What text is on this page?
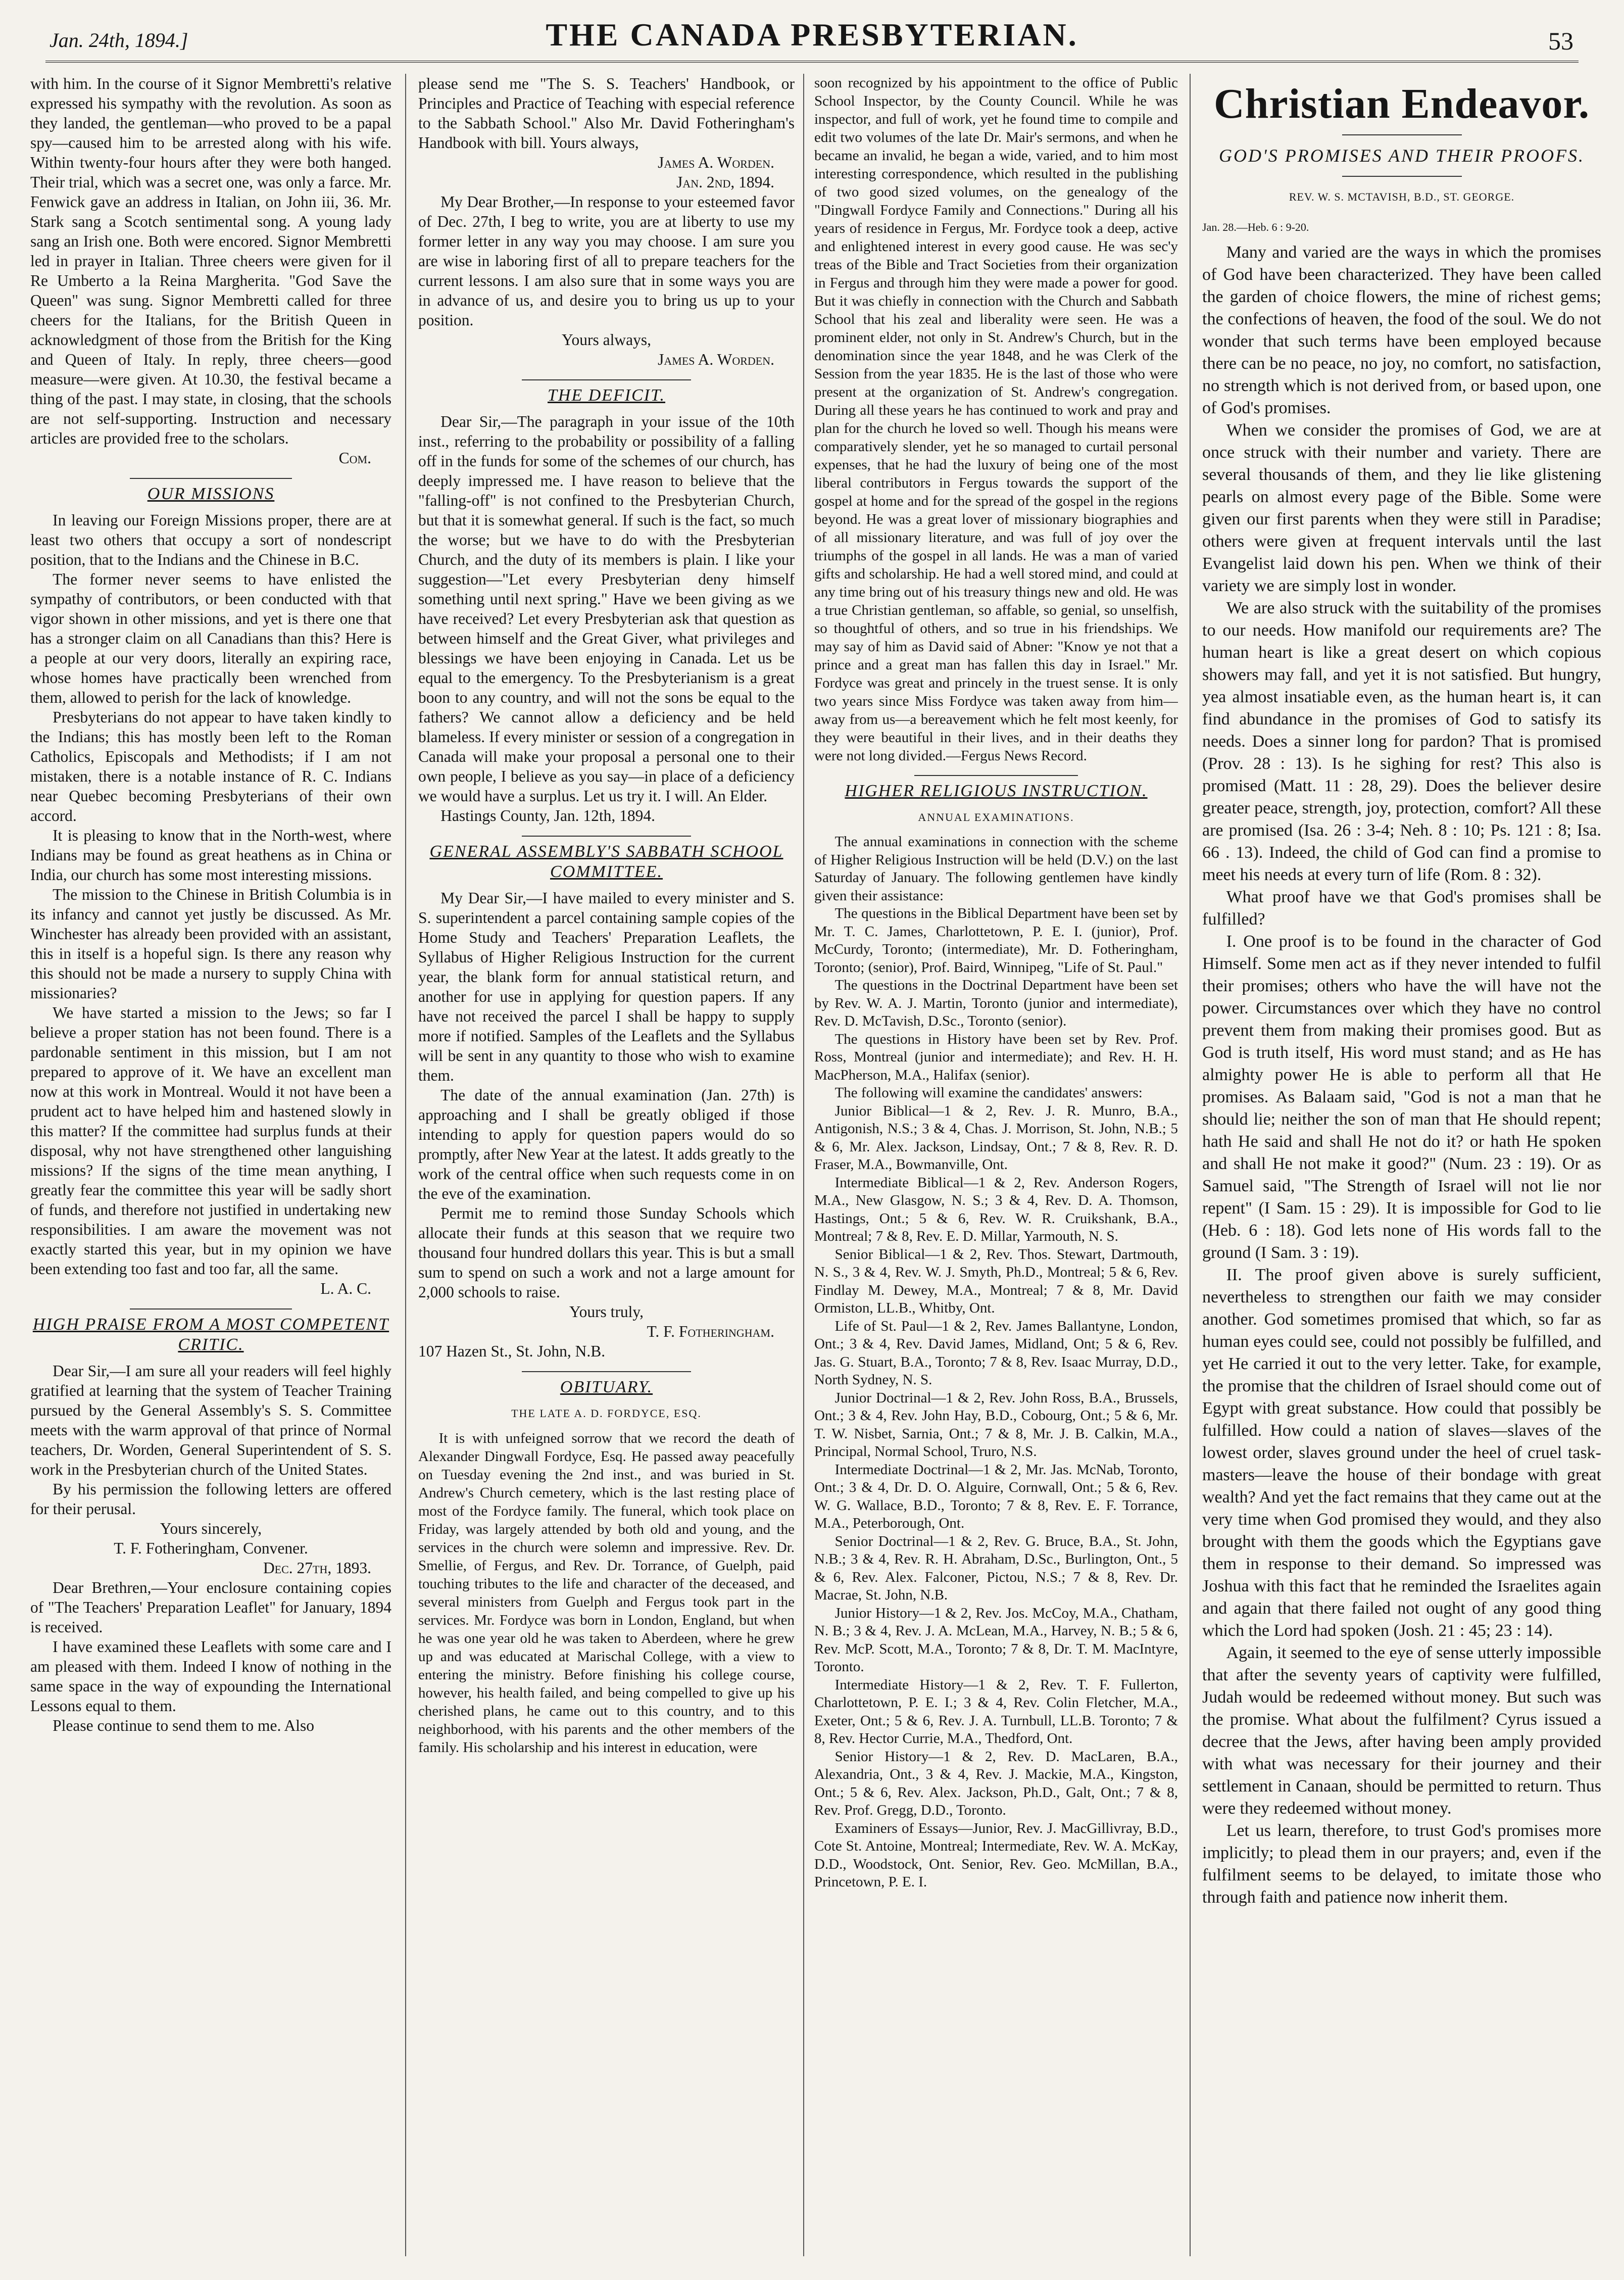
Jan. 24th, 1894.]	THE CANADA PRESBYTERIAN.	53

with him. In the course of it Signor Membretti's relative expressed his sympathy with the revolution. As soon as they landed, the gentleman—who proved to be a papal spy—caused him to be arrested along with his wife. Within twenty-four hours after they were both hanged. Their trial, which was a secret one, was only a farce. Mr. Fenwick gave an address in Italian, on John iii, 36. Mr. Stark sang a Scotch sentimental song. A young lady sang an Irish one. Both were encored. Signor Membretti led in prayer in Italian. Three cheers were given for il Re Umberto a la Reina Margherita. "God Save the Queen" was sung. Signor Membretti called for three cheers for the Italians, for the British Queen in acknowledgment of those from the British for the King and Queen of Italy. In reply, three cheers—good measure—were given. At 10.30, the festival became a thing of the past. I may state, in closing, that the schools are not self-supporting. Instruction and necessary articles are provided free to the scholars.

Com.

OUR MISSIONS

In leaving our Foreign Missions proper, there are at least two others that occupy a sort of nondescript position, that to the Indians and the Chinese in B.C.

The former never seems to have enlisted the sympathy of contributors, or been conducted with that vigor shown in other missions, and yet is there one that has a stronger claim on all Canadians than this? Here is a people at our very doors, literally an expiring race, whose homes have practically been wrenched from them, allowed to perish for the lack of knowledge.

Presbyterians do not appear to have taken kindly to the Indians; this has mostly been left to the Roman Catholics, Episcopals and Methodists; if I am not mistaken, there is a notable instance of R. C. Indians near Quebec becoming Presbyterians of their own accord.

It is pleasing to know that in the North-west, where Indians may be found as great heathens as in China or India, our church has some most interesting missions.

The mission to the Chinese in British Columbia is in its infancy and cannot yet justly be discussed. As Mr. Winchester has already been provided with an assistant, this in itself is a hopeful sign. Is there any reason why this should not be made a nursery to supply China with missionaries?

We have started a mission to the Jews; so far I believe a proper station has not been found. There is a pardonable sentiment in this mission, but I am not prepared to approve of it. We have an excellent man now at this work in Montreal. Would it not have been a prudent act to have helped him and hastened slowly in this matter? If the committee had surplus funds at their disposal, why not have strengthened other languishing missions? If the signs of the time mean anything, I greatly fear the committee this year will be sadly short of funds, and therefore not justified in undertaking new responsibilities. I am aware the movement was not exactly started this year, but in my opinion we have been extending too fast and too far, all the same.

L. A. C.

HIGH PRAISE FROM A MOST COMPETENT CRITIC.

Dear Sir,—I am sure all your readers will feel highly gratified at learning that the system of Teacher Training pursued by the General Assembly's S. S. Committee meets with the warm approval of that prince of Normal teachers, Dr. Worden, General Superintendent of S. S. work in the Presbyterian church of the United States.

By his permission the following letters are offered for their perusal.

Yours sincerely,

T. F. Fotheringham, Convener.

Dec. 27th, 1893.

Dear Brethren,—Your enclosure containing copies of "The Teachers' Preparation Leaflet" for January, 1894 is received.

I have examined these Leaflets with some care and I am pleased with them. Indeed I know of nothing in the same space in the way of expounding the International Lessons equal to them.

Please continue to send them to me. Also

please send me "The S. S. Teachers' Handbook, or Principles and Practice of Teaching with especial reference to the Sabbath School." Also Mr. David Fotheringham's Handbook with bill. Yours always,

James A. Worden.

Jan. 2nd, 1894.

My Dear Brother,—In response to your esteemed favor of Dec. 27th, I beg to write, you are at liberty to use my former letter in any way you may choose. I am sure you are wise in laboring first of all to prepare teachers for the current lessons. I am also sure that in some ways you are in advance of us, and desire you to bring us up to your position.

Yours always,

James A. Worden.

THE DEFICIT.

Dear Sir,—The paragraph in your issue of the 10th inst., referring to the probability or possibility of a falling off in the funds for some of the schemes of our church, has deeply impressed me. I have reason to believe that the "falling-off" is not confined to the Presbyterian Church, but that it is somewhat general. If such is the fact, so much the worse; but we have to do with the Presbyterian Church, and the duty of its members is plain. I like your suggestion—"Let every Presbyterian deny himself something until next spring." Have we been giving as we have received? Let every Presbyterian ask that question as between himself and the Great Giver, what privileges and blessings we have been enjoying in Canada. Let us be equal to the emergency. To the Presbyterianism is a great boon to any country, and will not the sons be equal to the fathers? We cannot allow a deficiency and be held blameless. If every minister or session of a congregation in Canada will make your proposal a personal one to their own people, I believe as you say—in place of a deficiency we would have a surplus. Let us try it. I will. An Elder.

Hastings County, Jan. 12th, 1894.

GENERAL ASSEMBLY'S SABBATH SCHOOL COMMITTEE.

My Dear Sir,—I have mailed to every minister and S. S. superintendent a parcel containing sample copies of the Home Study and Teachers' Preparation Leaflets, the Syllabus of Higher Religious Instruction for the current year, the blank form for annual statistical return, and another for use in applying for question papers. If any have not received the parcel I shall be happy to supply more if notified. Samples of the Leaflets and the Syllabus will be sent in any quantity to those who wish to examine them.

The date of the annual examination (Jan. 27th) is approaching and I shall be greatly obliged if those intending to apply for question papers would do so promptly, after New Year at the latest. It adds greatly to the work of the central office when such requests come in on the eve of the examination.

Permit me to remind those Sunday Schools which allocate their funds at this season that we require two thousand four hundred dollars this year. This is but a small sum to spend on such a work and not a large amount for 2,000 schools to raise.

Yours truly,

T. F. Fotheringham.

107 Hazen St., St. John, N.B.

OBITUARY.

THE LATE A. D. FORDYCE, ESQ.

It is with unfeigned sorrow that we record the death of Alexander Dingwall Fordyce, Esq. He passed away peacefully on Tuesday evening the 2nd inst., and was buried in St. Andrew's Church cemetery, which is the last resting place of most of the Fordyce family. The funeral, which took place on Friday, was largely attended by both old and young, and the services in the church were solemn and impressive. Rev. Dr. Smellie, of Fergus, and Rev. Dr. Torrance, of Guelph, paid touching tributes to the life and character of the deceased, and several ministers from Guelph and Fergus took part in the services. Mr. Fordyce was born in London, England, but when he was one year old he was taken to Aberdeen, where he grew up and was educated at Marischal College, with a view to entering the ministry. Before finishing his college course, however, his health failed, and being compelled to give up his cherished plans, he came out to this country, and to this neighborhood, with his parents and the other members of the family. His scholarship and his interest in education, were

soon recognized by his appointment to the office of Public School Inspector, by the County Council. While he was inspector, and full of work, yet he found time to compile and edit two volumes of the late Dr. Mair's sermons, and when he became an invalid, he began a wide, varied, and to him most interesting correspondence, which resulted in the publishing of two good sized volumes, on the genealogy of the "Dingwall Fordyce Family and Connections." During all his years of residence in Fergus, Mr. Fordyce took a deep, active and enlightened interest in every good cause. He was sec'y treas of the Bible and Tract Societies from their organization in Fergus and through him they were made a power for good. But it was chiefly in connection with the Church and Sabbath School that his zeal and liberality were seen. He was a prominent elder, not only in St. Andrew's Church, but in the denomination since the year 1848, and he was Clerk of the Session from the year 1835. He is the last of those who were present at the organization of St. Andrew's congregation. During all these years he has continued to work and pray and plan for the church he loved so well. Though his means were comparatively slender, yet he so managed to curtail personal expenses, that he had the luxury of being one of the most liberal contributors in Fergus towards the support of the gospel at home and for the spread of the gospel in the regions beyond. He was a great lover of missionary biographies and of all missionary literature, and was full of joy over the triumphs of the gospel in all lands. He was a man of varied gifts and scholarship. He had a well stored mind, and could at any time bring out of his treasury things new and old. He was a true Christian gentleman, so affable, so genial, so unselfish, so thoughtful of others, and so true in his friendships. We may say of him as David said of Abner: "Know ye not that a prince and a great man has fallen this day in Israel." Mr. Fordyce was great and princely in the truest sense. It is only two years since Miss Fordyce was taken away from him—away from us—a bereavement which he felt most keenly, for they were beautiful in their lives, and in their deaths they were not long divided.—Fergus News Record.

HIGHER RELIGIOUS INSTRUCTION.

ANNUAL EXAMINATIONS.

The annual examinations in connection with the scheme of Higher Religious Instruction will be held (D.V.) on the last Saturday of January. The following gentlemen have kindly given their assistance:

The questions in the Biblical Department have been set by Mr. T. C. James, Charlottetown, P. E. I. (junior), Prof. McCurdy, Toronto; (intermediate), Mr. D. Fotheringham, Toronto; (senior), Prof. Baird, Winnipeg, "Life of St. Paul."

The questions in the Doctrinal Department have been set by Rev. W. A. J. Martin, Toronto (junior and intermediate), Rev. D. McTavish, D.Sc., Toronto (senior).

The questions in History have been set by Rev. Prof. Ross, Montreal (junior and intermediate); and Rev. H. H. MacPherson, M.A., Halifax (senior).

The following will examine the candidates' answers:

Junior Biblical—1 & 2, Rev. J. R. Munro, B.A., Antigonish, N.S.; 3 & 4, Chas. J. Morrison, St. John, N.B.; 5 & 6, Mr. Alex. Jackson, Lindsay, Ont.; 7 & 8, Rev. R. D. Fraser, M.A., Bowmanville, Ont.

Intermediate Biblical—1 & 2, Rev. Anderson Rogers, M.A., New Glasgow, N. S.; 3 & 4, Rev. D. A. Thomson, Hastings, Ont.; 5 & 6, Rev. W. R. Cruikshank, B.A., Montreal; 7 & 8, Rev. E. D. Millar, Yarmouth, N. S.

Senior Biblical—1 & 2, Rev. Thos. Stewart, Dartmouth, N. S., 3 & 4, Rev. W. J. Smyth, Ph.D., Montreal; 5 & 6, Rev. Findlay M. Dewey, M.A., Montreal; 7 & 8, Mr. David Ormiston, LL.B., Whitby, Ont.

Life of St. Paul—1 & 2, Rev. James Ballantyne, London, Ont.; 3 & 4, Rev. David James, Midland, Ont; 5 & 6, Rev. Jas. G. Stuart, B.A., Toronto; 7 & 8, Rev. Isaac Murray, D.D., North Sydney, N. S.

Junior Doctrinal—1 & 2, Rev. John Ross, B.A., Brussels, Ont.; 3 & 4, Rev. John Hay, B.D., Cobourg, Ont.; 5 & 6, Mr. T. W. Nisbet, Sarnia, Ont.; 7 & 8, Mr. J. B. Calkin, M.A., Principal, Normal School, Truro, N.S.

Intermediate Doctrinal—1 & 2, Mr. Jas. McNab, Toronto, Ont.; 3 & 4, Dr. D. O. Alguire, Cornwall, Ont.; 5 & 6, Rev. W. G. Wallace, B.D., Toronto; 7 & 8, Rev. E. F. Torrance, M.A., Peterborough, Ont.

Senior Doctrinal—1 & 2, Rev. G. Bruce, B.A., St. John, N.B.; 3 & 4, Rev. R. H. Abraham, D.Sc., Burlington, Ont., 5 & 6, Rev. Alex. Falconer, Pictou, N.S.; 7 & 8, Rev. Dr. Macrae, St. John, N.B.

Junior History—1 & 2, Rev. Jos. McCoy, M.A., Chatham, N. B.; 3 & 4, Rev. J. A. McLean, M.A., Harvey, N. B.; 5 & 6, Rev. McP. Scott, M.A., Toronto; 7 & 8, Dr. T. M. MacIntyre, Toronto.

Intermediate History—1 & 2, Rev. T. F. Fullerton, Charlottetown, P. E. I.; 3 & 4, Rev. Colin Fletcher, M.A., Exeter, Ont.; 5 & 6, Rev. J. A. Turnbull, LL.B. Toronto; 7 & 8, Rev. Hector Currie, M.A., Thedford, Ont.

Senior History—1 & 2, Rev. D. MacLaren, B.A., Alexandria, Ont., 3 & 4, Rev. J. Mackie, M.A., Kingston, Ont.; 5 & 6, Rev. Alex. Jackson, Ph.D., Galt, Ont.; 7 & 8, Rev. Prof. Gregg, D.D., Toronto.

Examiners of Essays—Junior, Rev. J. MacGillivray, B.D., Cote St. Antoine, Montreal; Intermediate, Rev. W. A. McKay, D.D., Woodstock, Ont. Senior, Rev. Geo. McMillan, B.A., Princetown, P. E. I.

Christian Endeavor.

GOD'S PROMISES AND THEIR PROOFS.

REV. W. S. MCTAVISH, B.D., ST. GEORGE.

Jan. 28.—Heb. 6 : 9-20.

Many and varied are the ways in which the promises of God have been characterized. They have been called the garden of choice flowers, the mine of richest gems; the confections of heaven, the food of the soul. We do not wonder that such terms have been employed because there can be no peace, no joy, no comfort, no satisfaction, no strength which is not derived from, or based upon, one of God's promises.

When we consider the promises of God, we are at once struck with their number and variety. There are several thousands of them, and they lie like glistening pearls on almost every page of the Bible. Some were given our first parents when they were still in Paradise; others were given at frequent intervals until the last Evangelist laid down his pen. When we think of their variety we are simply lost in wonder.

We are also struck with the suitability of the promises to our needs. How manifold our requirements are? The human heart is like a great desert on which copious showers may fall, and yet it is not satisfied. But hungry, yea almost insatiable even, as the human heart is, it can find abundance in the promises of God to satisfy its needs. Does a sinner long for pardon? That is promised (Prov. 28 : 13). Is he sighing for rest? This also is promised (Matt. 11 : 28, 29). Does the believer desire greater peace, strength, joy, protection, comfort? All these are promised (Isa. 26 : 3-4; Neh. 8 : 10; Ps. 121 : 8; Isa. 66 . 13). Indeed, the child of God can find a promise to meet his needs at every turn of life (Rom. 8 : 32).

What proof have we that God's promises shall be fulfilled?

I. One proof is to be found in the character of God Himself. Some men act as if they never intended to fulfil their promises; others who have the will have not the power. Circumstances over which they have no control prevent them from making their promises good. But as God is truth itself, His word must stand; and as He has almighty power He is able to perform all that He promises. As Balaam said, "God is not a man that he should lie; neither the son of man that He should repent; hath He said and shall He not do it? or hath He spoken and shall He not make it good?" (Num. 23 : 19). Or as Samuel said, "The Strength of Israel will not lie nor repent" (I Sam. 15 : 29). It is impossible for God to lie (Heb. 6 : 18). God lets none of His words fall to the ground (I Sam. 3 : 19).

II. The proof given above is surely sufficient, nevertheless to strengthen our faith we may consider another. God sometimes promised that which, so far as human eyes could see, could not possibly be fulfilled, and yet He carried it out to the very letter. Take, for example, the promise that the children of Israel should come out of Egypt with great substance. How could that possibly be fulfilled. How could a nation of slaves—slaves of the lowest order, slaves ground under the heel of cruel task-masters—leave the house of their bondage with great wealth? And yet the fact remains that they came out at the very time when God promised they would, and they also brought with them the goods which the Egyptians gave them in response to their demand. So impressed was Joshua with this fact that he reminded the Israelites again and again that there failed not ought of any good thing which the Lord had spoken (Josh. 21 : 45; 23 : 14).

Again, it seemed to the eye of sense utterly impossible that after the seventy years of captivity were fulfilled, Judah would be redeemed without money. But such was the promise. What about the fulfilment? Cyrus issued a decree that the Jews, after having been amply provided with what was necessary for their journey and their settlement in Canaan, should be permitted to return. Thus were they redeemed without money.

Let us learn, therefore, to trust God's promises more implicitly; to plead them in our prayers; and, even if the fulfilment seems to be delayed, to imitate those who through faith and patience now inherit them.
